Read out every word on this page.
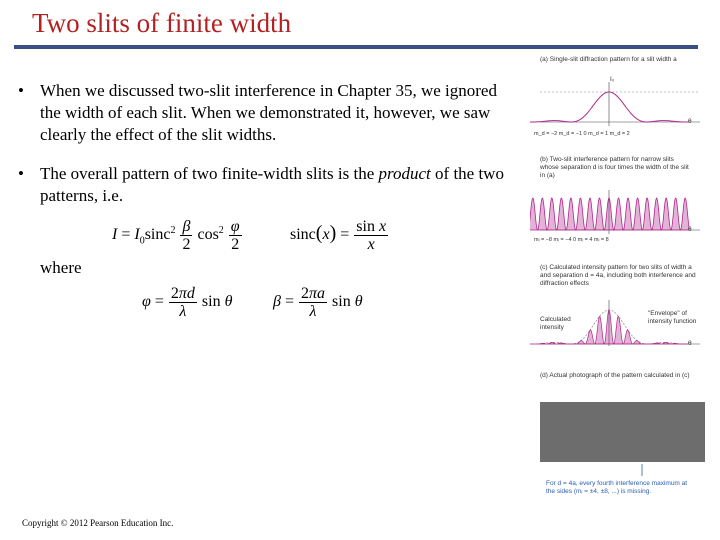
Two slits of finite width
• When we discussed two-slit interference in Chapter 35, we ignored the width of each slit. When we demonstrated it, however, we saw clearly the effect of the slit widths.
• The overall pattern of two finite-width slits is the product of the two patterns, i.e.
$I = I_0\sin c^2 \frac{\beta}{2} \cos^2 \frac{\varphi}{2}$	$\sin c(x) = \frac{\text{sin x}}{x}$
where
$\varphi = \frac{2\pi d}{\lambda}$ sin θ	$\beta = \frac{2\pi a}{\lambda}$ sin θ
(a) Single-slit diffraction pattern for a slit width a
I₀
θ
m_d = −2 m_d = −1 0 m_d = 1 m_d = 2
(b) Two-slit interference pattern for narrow slits whose separation d is four times the width of the slit in (a)
θ
mᵢ = −8 mᵢ = −4 0 mᵢ = 4 mᵢ = 8
(c) Calculated intensity pattern for two slits of width a and separation d = 4a, including both interference and diffraction effects
Calculated intensity
"Envelope" of intensity function
θ
(d) Actual photograph of the pattern calculated in (c)
For d = 4a, every fourth interference maximum at the sides (mᵢ = ±4, ±8, ...) is missing.
Copyright © 2012 Pearson Education Inc.
